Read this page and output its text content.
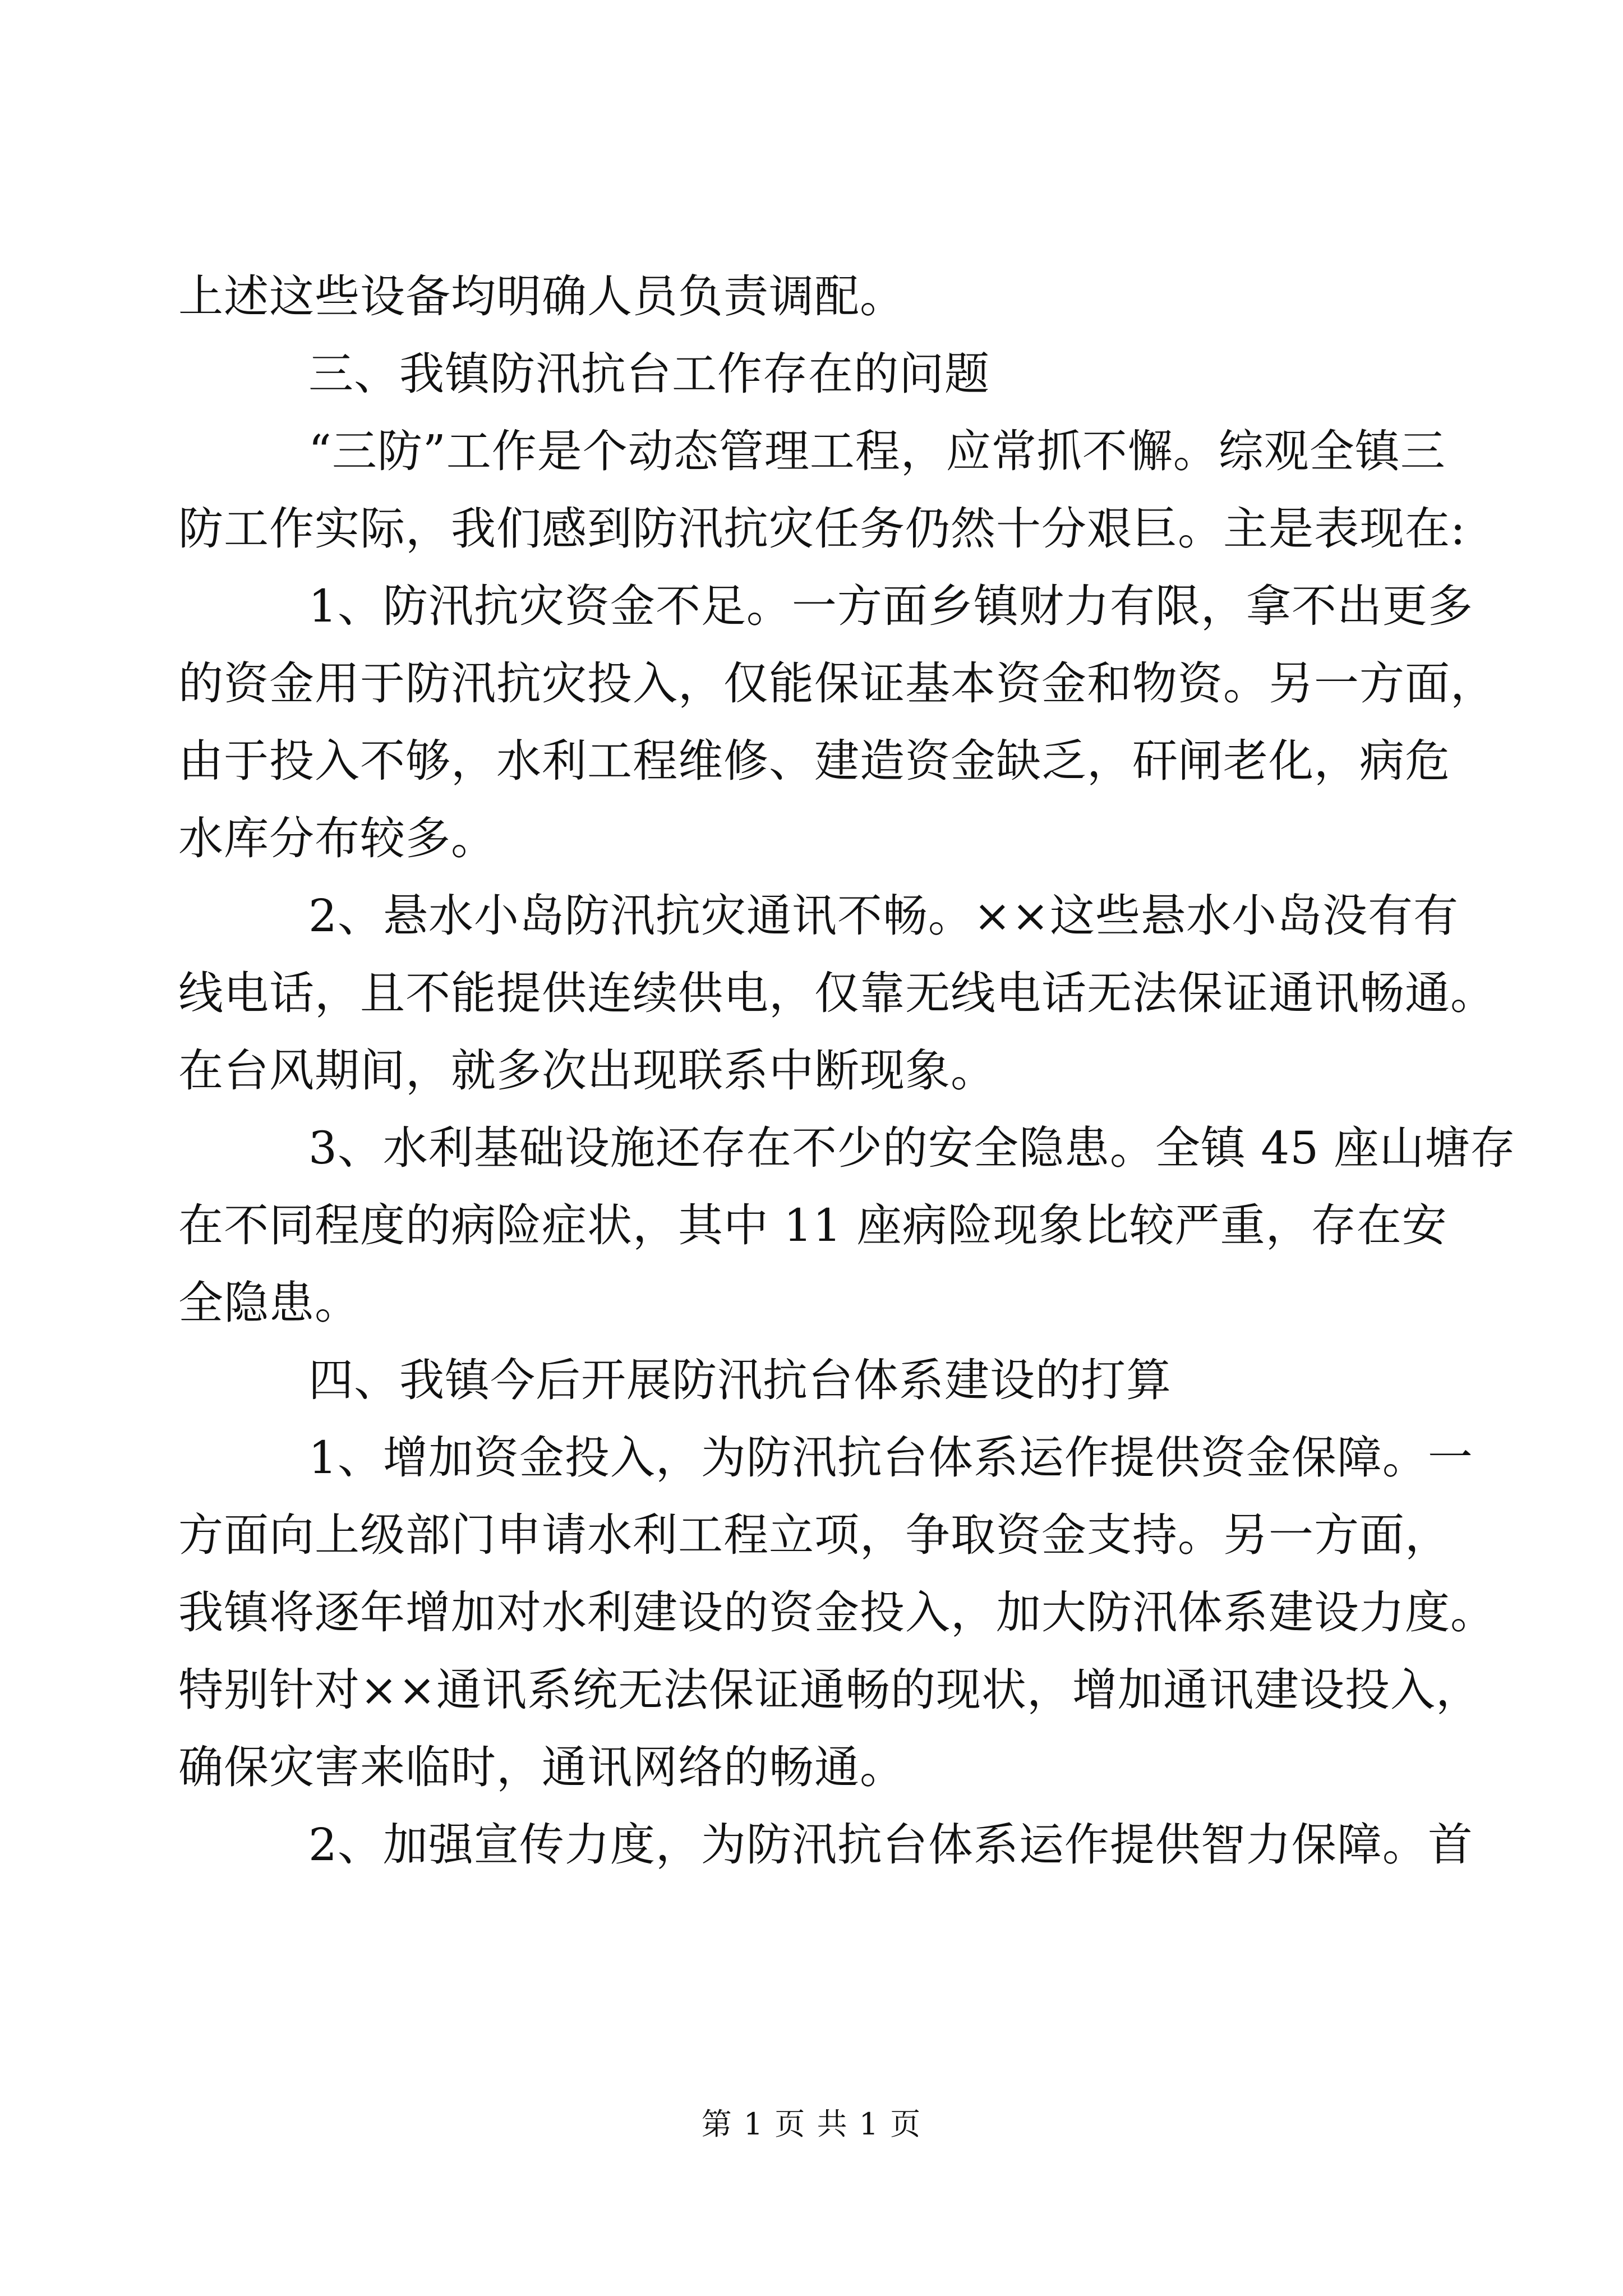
上述这些设备均明确人员负责调配。
三、我镇防汛抗台工作存在的问题
“三防”工作是个动态管理工程，应常抓不懈。综观全镇三
防工作实际，我们感到防汛抗灾任务仍然十分艰巨。主是表现在:
1、防汛抗灾资金不足。一方面乡镇财力有限，拿不出更多
的资金用于防汛抗灾投入，仅能保证基本资金和物资。另一方面，
由于投入不够，水利工程维修、建造资金缺乏，矸闸老化，病危
水库分布较多。
2、悬水小岛防汛抗灾通讯不畅。××这些悬水小岛没有有
线电话，且不能提供连续供电，仅靠无线电话无法保证通讯畅通。
在台风期间，就多次出现联系中断现象。
3、水利基础设施还存在不少的安全隐患。全镇 45 座山塘存
在不同程度的病险症状，其中 11 座病险现象比较严重，存在安
全隐患。
四、我镇今后开展防汛抗台体系建设的打算
1、增加资金投入，为防汛抗台体系运作提供资金保障。一
方面向上级部门申请水利工程立项，争取资金支持。另一方面，
我镇将逐年增加对水利建设的资金投入，加大防汛体系建设力度。
特别针对××通讯系统无法保证通畅的现状，增加通讯建设投入，
确保灾害来临时，通讯网络的畅通。
2、加强宣传力度，为防汛抗台体系运作提供智力保障。首
第 1 页 共 1 页
